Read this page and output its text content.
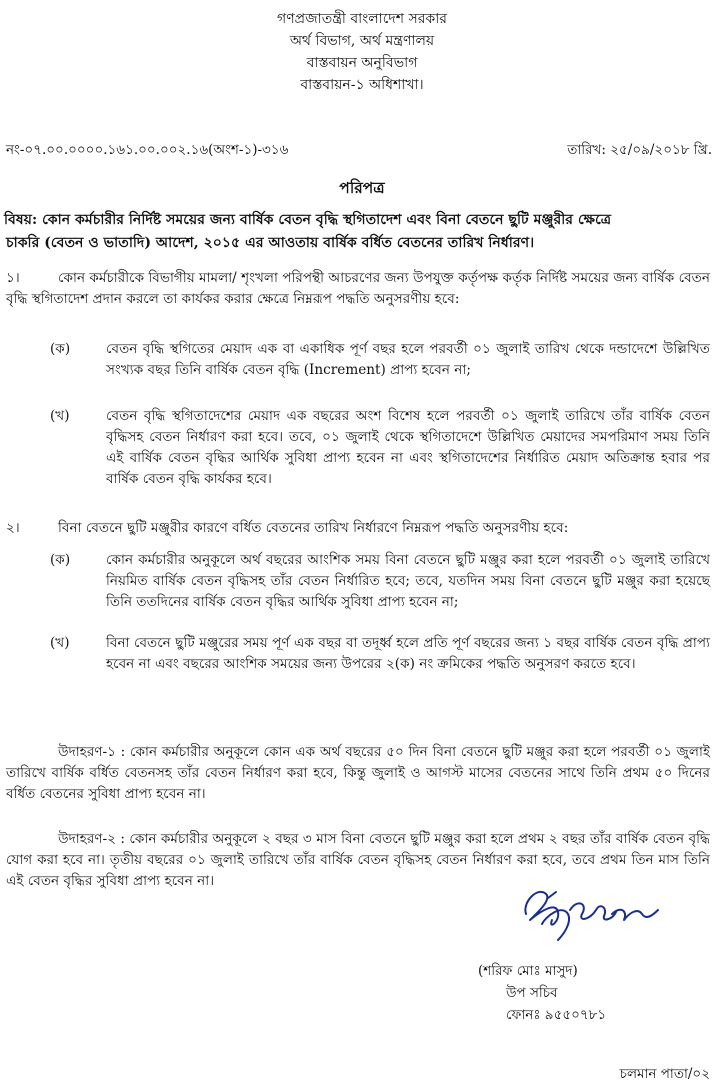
গণপ্রজাতন্ত্রী বাংলাদেশ সরকার
অর্থ বিভাগ, অর্থ মন্ত্রণালয়
বাস্তবায়ন অনুবিভাগ
বাস্তবায়ন-১ অধিশাখা।
নং-০৭.০০.০০০০.১৬১.০০.০০২.১৬(অংশ-১)-৩১৬	তারিখ: ২৫/০৯/২০১৮ খ্রি.
পরিপত্র
বিষয়: কোন কর্মচারীর নির্দিষ্ট সময়ের জন্য বার্ষিক বেতন বৃদ্ধি স্থগিতাদেশ এবং বিনা বেতনে ছুটি মঞ্জুরীর ক্ষেত্রে
চাকরি (বেতন ও ভাতাদি) আদেশ, ২০১৫ এর আওতায় বার্ষিক বর্ধিত বেতনের তারিখ নির্ধারণ।
১।	কোন কর্মচারীকে বিভাগীয় মামলা/ শৃংখলা পরিপন্থী আচরণের জন্য উপযুক্ত কর্তৃপক্ষ কর্তৃক নির্দিষ্ট সময়ের জন্য বার্ষিক বেতন বৃদ্ধি স্থগিতাদেশ প্রদান করলে তা কার্যকর করার ক্ষেত্রে নিম্নরূপ পদ্ধতি অনুসরণীয় হবে:
(ক)	বেতন বৃদ্ধি স্থগিতের মেয়াদ এক বা একাধিক পূর্ণ বছর হলে পরবর্তী ০১ জুলাই তারিখ থেকে দন্ডাদেশে উল্লিখিত সংখ্যক বছর তিনি বার্ষিক বেতন বৃদ্ধি (Increment) প্রাপ্য হবেন না;
(খ)	বেতন বৃদ্ধি স্থগিতাদেশের মেয়াদ এক বছরের অংশ বিশেষ হলে পরবর্তী ০১ জুলাই তারিখে তাঁর বার্ষিক বেতন বৃদ্ধিসহ বেতন নির্ধারণ করা হবে। তবে, ০১ জুলাই থেকে স্থগিতাদেশে উল্লিখিত মেয়াদের সমপরিমাণ সময় তিনি এই বার্ষিক বেতন বৃদ্ধির আর্থিক সুবিধা প্রাপ্য হবেন না এবং স্থগিতাদেশের নির্ধারিত মেয়াদ অতিক্রান্ত হবার পর বার্ষিক বেতন বৃদ্ধি কার্যকর হবে।
২।	বিনা বেতনে ছুটি মঞ্জুরীর কারণে বর্ধিত বেতনের তারিখ নির্ধারণে নিম্নরূপ পদ্ধতি অনুসরণীয় হবে:
(ক)	কোন কর্মচারীর অনুকূলে অর্থ বছরের আংশিক সময় বিনা বেতনে ছুটি মঞ্জুর করা হলে পরবর্তী ০১ জুলাই তারিখে নিয়মিত বার্ষিক বেতন বৃদ্ধিসহ তাঁর বেতন নির্ধারিত হবে; তবে, যতদিন সময় বিনা বেতনে ছুটি মঞ্জুর করা হয়েছে তিনি ততদিনের বার্ষিক বেতন বৃদ্ধির আর্থিক সুবিধা প্রাপ্য হবেন না;
(খ)	বিনা বেতনে ছুটি মঞ্জুরের সময় পূর্ণ এক বছর বা তদূর্ধ্ব হলে প্রতি পূর্ণ বছরের জন্য ১ বছর বার্ষিক বেতন বৃদ্ধি প্রাপ্য হবেন না এবং বছরের আংশিক সময়ের জন্য উপরের ২(ক) নং ক্রমিকের পদ্ধতি অনুসরণ করতে হবে।
উদাহরণ-১ : কোন কর্মচারীর অনুকূলে কোন এক অর্থ বছরের ৫০ দিন বিনা বেতনে ছুটি মঞ্জুর করা হলে পরবর্তী ০১ জুলাই তারিখে বার্ষিক বর্ধিত বেতনসহ তাঁর বেতন নির্ধারণ করা হবে, কিন্তু জুলাই ও আগস্ট মাসের বেতনের সাথে তিনি প্রথম ৫০ দিনের বর্ধিত বেতনের সুবিধা প্রাপ্য হবেন না।
উদাহরণ-২ : কোন কর্মচারীর অনুকূলে ২ বছর ৩ মাস বিনা বেতনে ছুটি মঞ্জুর করা হলে প্রথম ২ বছর তাঁর বার্ষিক বেতন বৃদ্ধি যোগ করা হবে না। তৃতীয় বছরের ০১ জুলাই তারিখে তাঁর বার্ষিক বেতন বৃদ্ধিসহ বেতন নির্ধারণ করা হবে, তবে প্রথম তিন মাস তিনি এই বেতন বৃদ্ধির সুবিধা প্রাপ্য হবেন না।
(শরিফ মোঃ মাসুদ)
উপ সচিব
ফোনঃ ৯৫৫০৭৮১
চলমান পাতা/০২
